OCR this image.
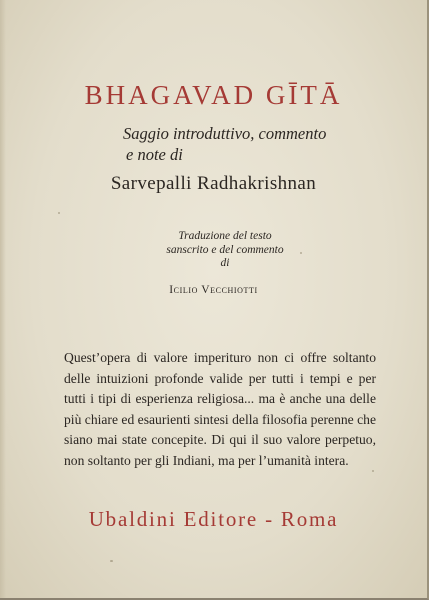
BHAGAVAD GĪTĀ
Saggio introduttivo, commento
e note di
Sarvepalli Radhakrishnan
Traduzione del testo
sanscrito e del commento
di
Icilio Vecchiotti
Quest’opera di valore imperituro non ci offre soltanto
delle intuizioni profonde valide per tutti i tempi e per
tutti i tipi di esperienza religiosa... ma è anche una delle
più chiare ed esaurienti sintesi della filosofia perenne che
siano mai state concepite. Di qui il suo valore perpetuo,
non soltanto per gli Indiani, ma per l’umanità intera.
Ubaldini Editore - Roma
